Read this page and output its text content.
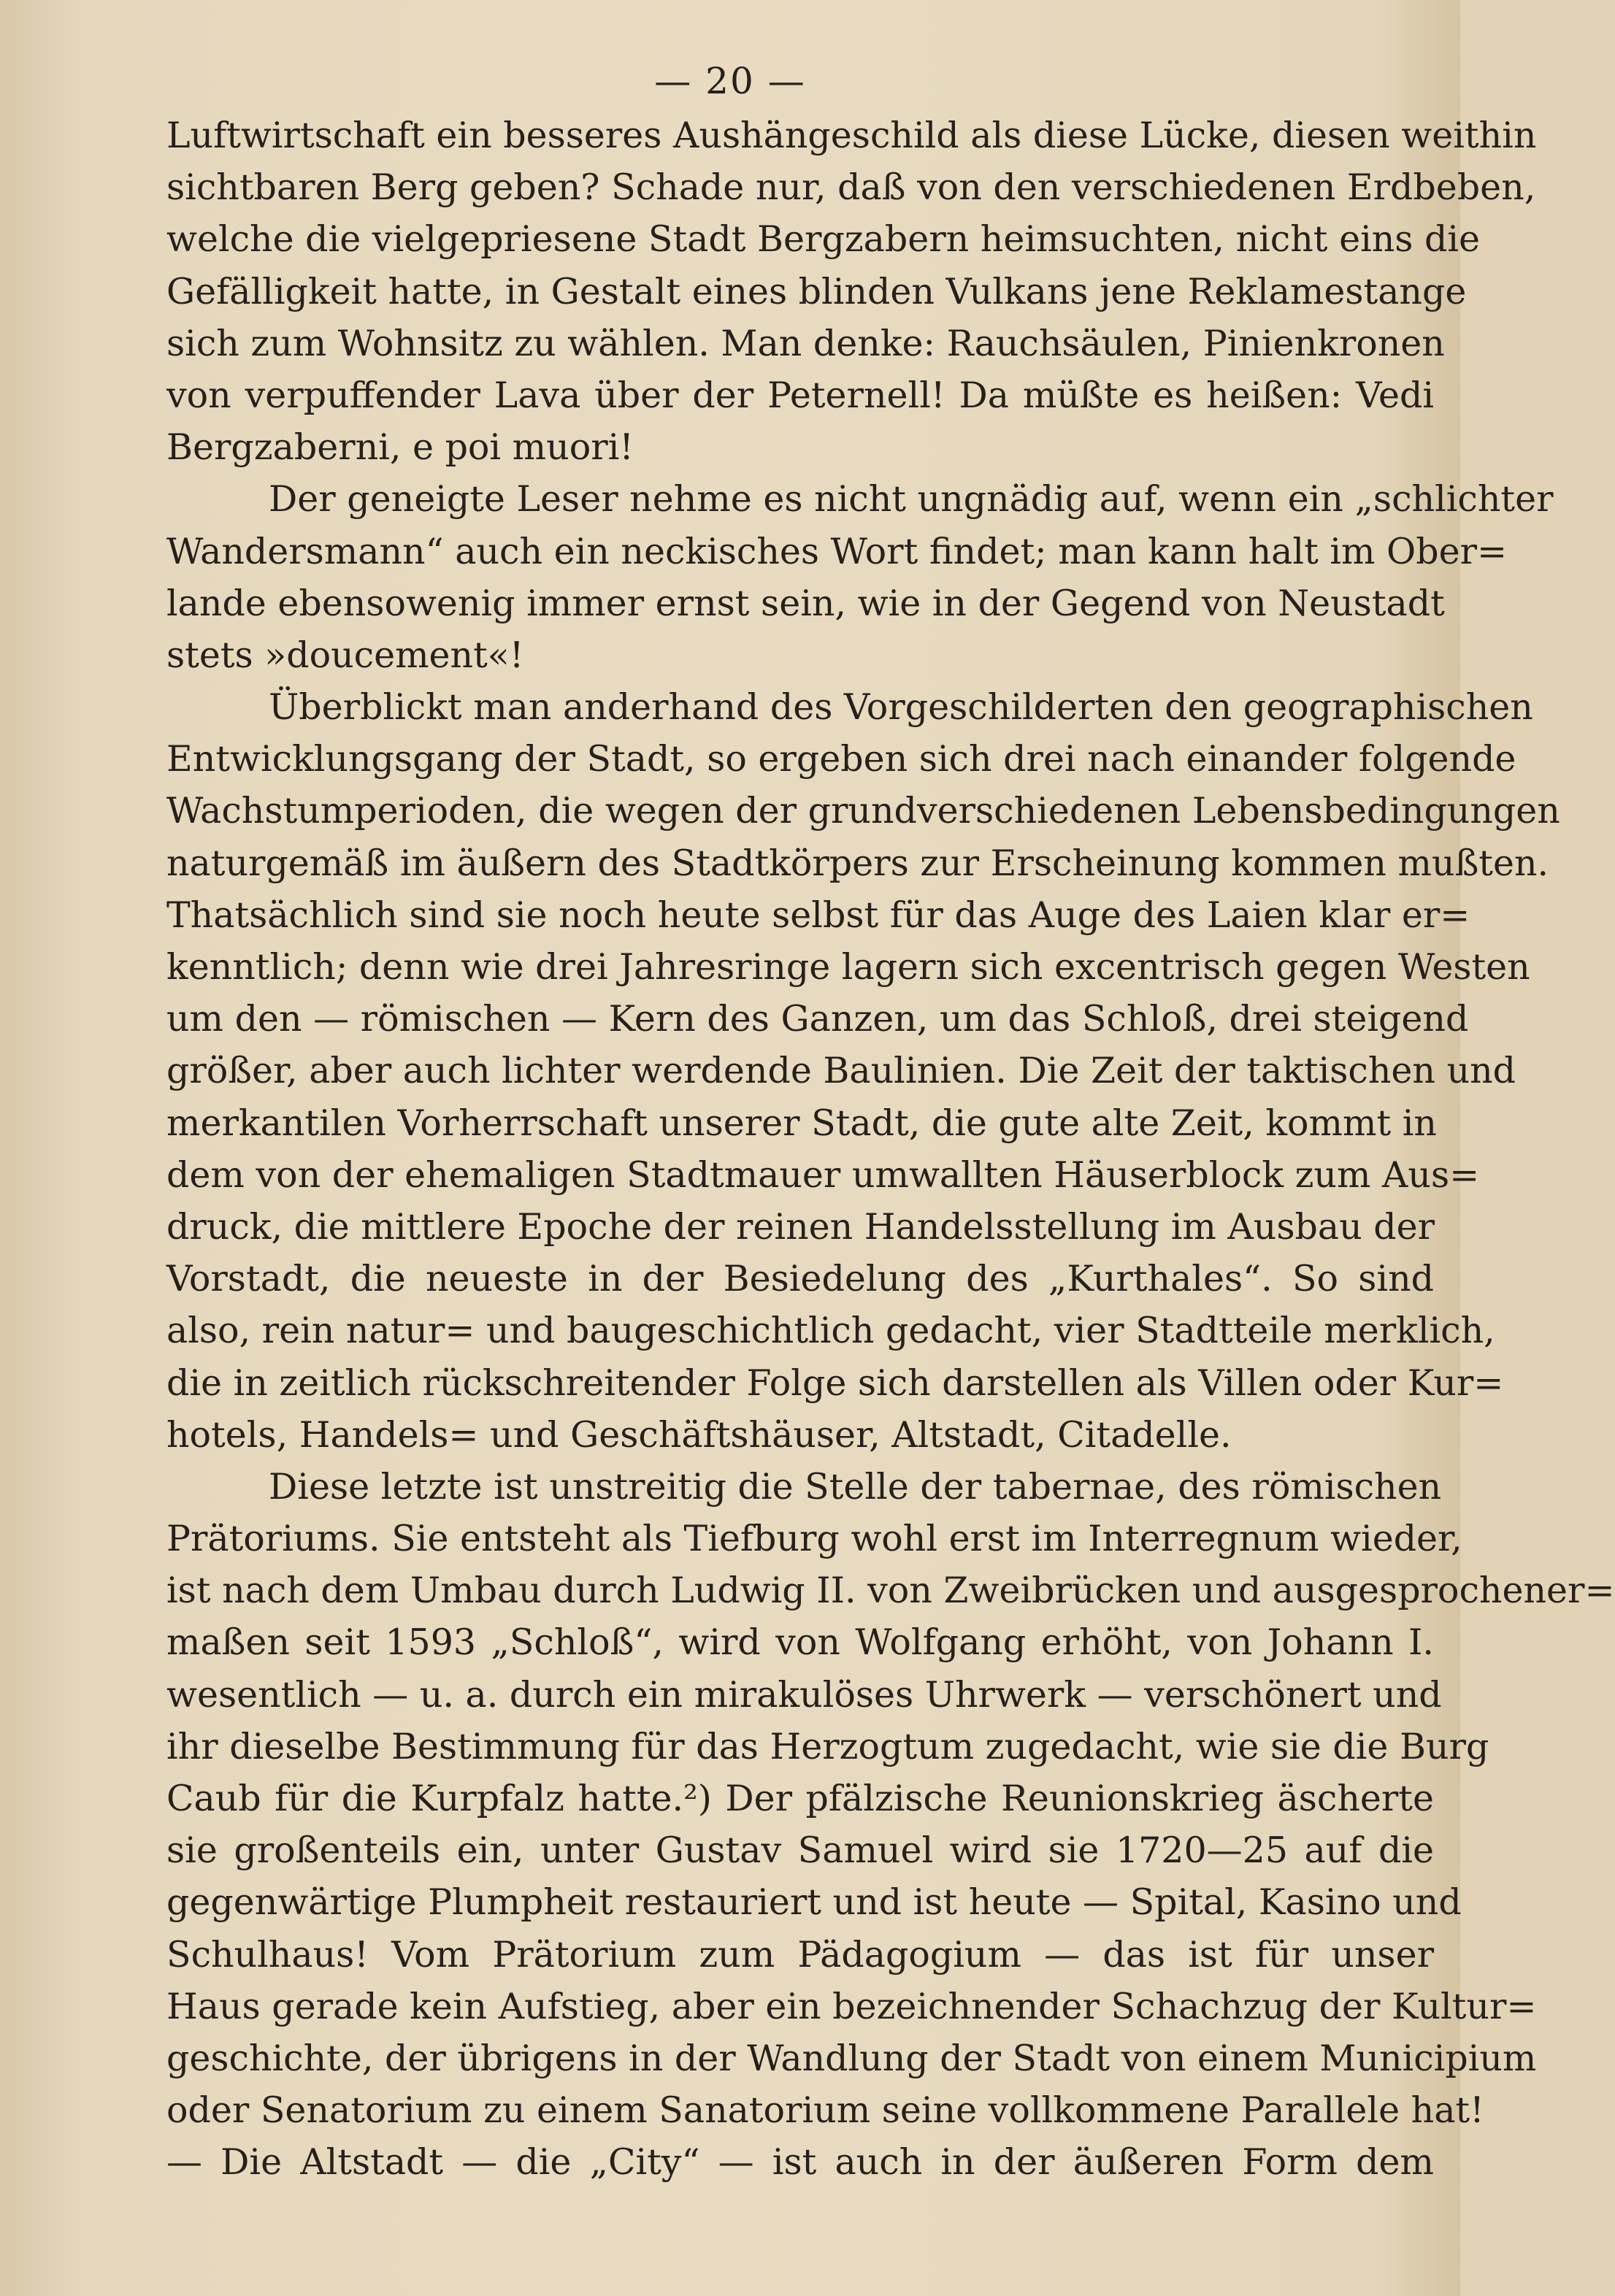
— 20 —
Luftwirtschaft ein besseres Aushängeschild als diese Lücke, diesen weithin
sichtbaren Berg geben? Schade nur, daß von den verschiedenen Erdbeben,
welche die vielgepriesene Stadt Bergzabern heimsuchten, nicht eins die
Gefälligkeit hatte, in Gestalt eines blinden Vulkans jene Reklamestange
sich zum Wohnsitz zu wählen. Man denke: Rauchsäulen, Pinienkronen
von verpuffender Lava über der Peternell! Da müßte es heißen: Vedi
Bergzaberni, e poi muori!
Der geneigte Leser nehme es nicht ungnädig auf, wenn ein „schlichter
Wandersmann“ auch ein neckisches Wort findet; man kann halt im Ober=
lande ebensowenig immer ernst sein, wie in der Gegend von Neustadt
stets »doucement«!
Überblickt man anderhand des Vorgeschilderten den geographischen
Entwicklungsgang der Stadt, so ergeben sich drei nach einander folgende
Wachstumperioden, die wegen der grundverschiedenen Lebensbedingungen
naturgemäß im äußern des Stadtkörpers zur Erscheinung kommen mußten.
Thatsächlich sind sie noch heute selbst für das Auge des Laien klar er=
kenntlich; denn wie drei Jahresringe lagern sich excentrisch gegen Westen
um den — römischen — Kern des Ganzen, um das Schloß, drei steigend
größer, aber auch lichter werdende Baulinien. Die Zeit der taktischen und
merkantilen Vorherrschaft unserer Stadt, die gute alte Zeit, kommt in
dem von der ehemaligen Stadtmauer umwallten Häuserblock zum Aus=
druck, die mittlere Epoche der reinen Handelsstellung im Ausbau der
Vorstadt, die neueste in der Besiedelung des „Kurthales“. So sind
also, rein natur= und baugeschichtlich gedacht, vier Stadtteile merklich,
die in zeitlich rückschreitender Folge sich darstellen als Villen oder Kur=
hotels, Handels= und Geschäftshäuser, Altstadt, Citadelle.
Diese letzte ist unstreitig die Stelle der tabernae, des römischen
Prätoriums. Sie entsteht als Tiefburg wohl erst im Interregnum wieder,
ist nach dem Umbau durch Ludwig II. von Zweibrücken und ausgesprochener=
maßen seit 1593 „Schloß“, wird von Wolfgang erhöht, von Johann I.
wesentlich — u. a. durch ein mirakulöses Uhrwerk — verschönert und
ihr dieselbe Bestimmung für das Herzogtum zugedacht, wie sie die Burg
Caub für die Kurpfalz hatte.²) Der pfälzische Reunionskrieg äscherte
sie großenteils ein, unter Gustav Samuel wird sie 1720—25 auf die
gegenwärtige Plumpheit restauriert und ist heute — Spital, Kasino und
Schulhaus! Vom Prätorium zum Pädagogium — das ist für unser
Haus gerade kein Aufstieg, aber ein bezeichnender Schachzug der Kultur=
geschichte, der übrigens in der Wandlung der Stadt von einem Municipium
oder Senatorium zu einem Sanatorium seine vollkommene Parallele hat!
— Die Altstadt — die „City“ — ist auch in der äußeren Form dem
